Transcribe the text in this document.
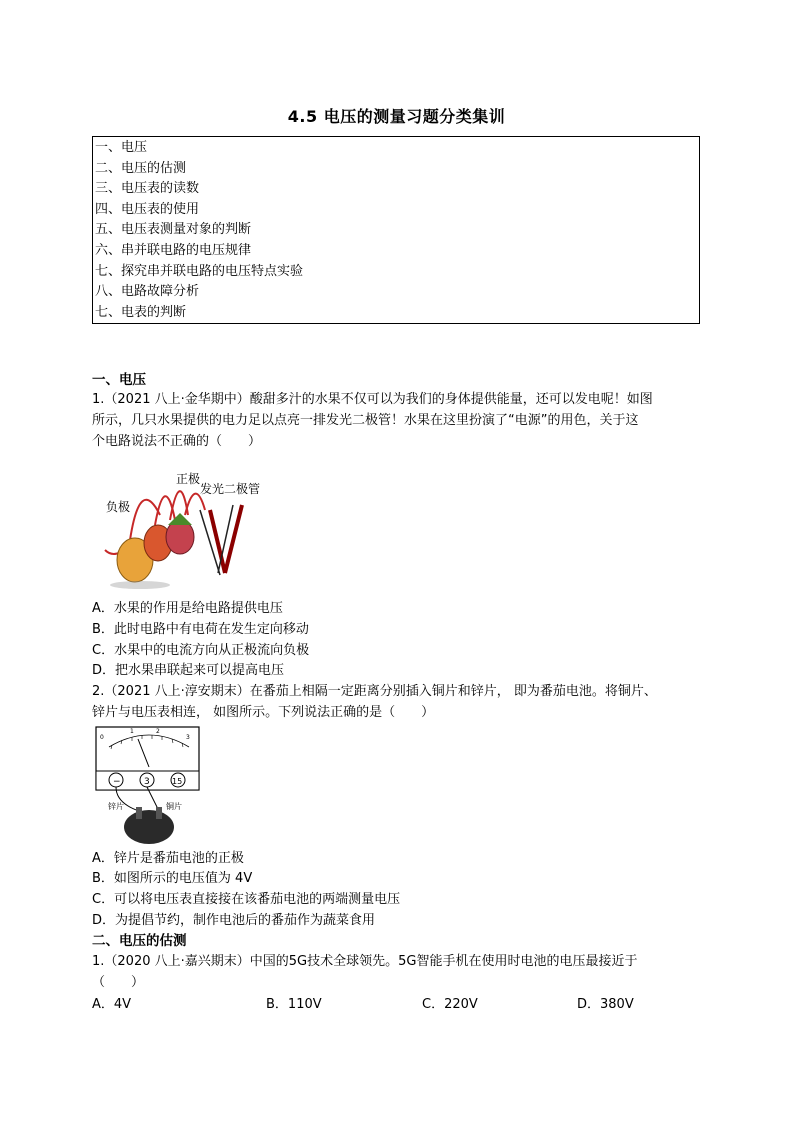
4.5 电压的测量习题分类集训
一、电压
二、电压的估测
三、电压表的读数
四、电压表的使用
五、电压表测量对象的判断
六、串并联电路的电压规律
七、探究串并联电路的电压特点实验
八、电路故障分析
七、电表的判断
一、电压
1.（2021 八上·金华期中）酸甜多汁的水果不仅可以为我们的身体提供能量，还可以发电呢！如图
所示，几只水果提供的电力足以点亮一排发光二极管！水果在这里扮演了“电源”的用色，关于这
个电路说法不正确的（　　）
负极
正极
发光二极管
A．水果的作用是给电路提供电压
B．此时电路中有电荷在发生定向移动
C．水果中的电流方向从正极流向负极
D．把水果串联起来可以提高电压
2.（2021 八上·淳安期末）在番茄上相隔一定距离分别插入铜片和锌片， 即为番茄电池。将铜片、
锌片与电压表相连， 如图所示。下列说法正确的是（　　）
0
1	2
3
−	3	15
锌片	铜片
A．锌片是番茄电池的正极
B．如图所示的电压值为 4V
C．可以将电压表直接接在该番茄电池的两端测量电压
D．为提倡节约，制作电池后的番茄作为蔬菜食用
二、电压的估测
1.（2020 八上·嘉兴期末）中国的5G技术全球领先。5G智能手机在使用时电池的电压最接近于
（　　）
A．4V	B．110V	C．220V	D．380V
